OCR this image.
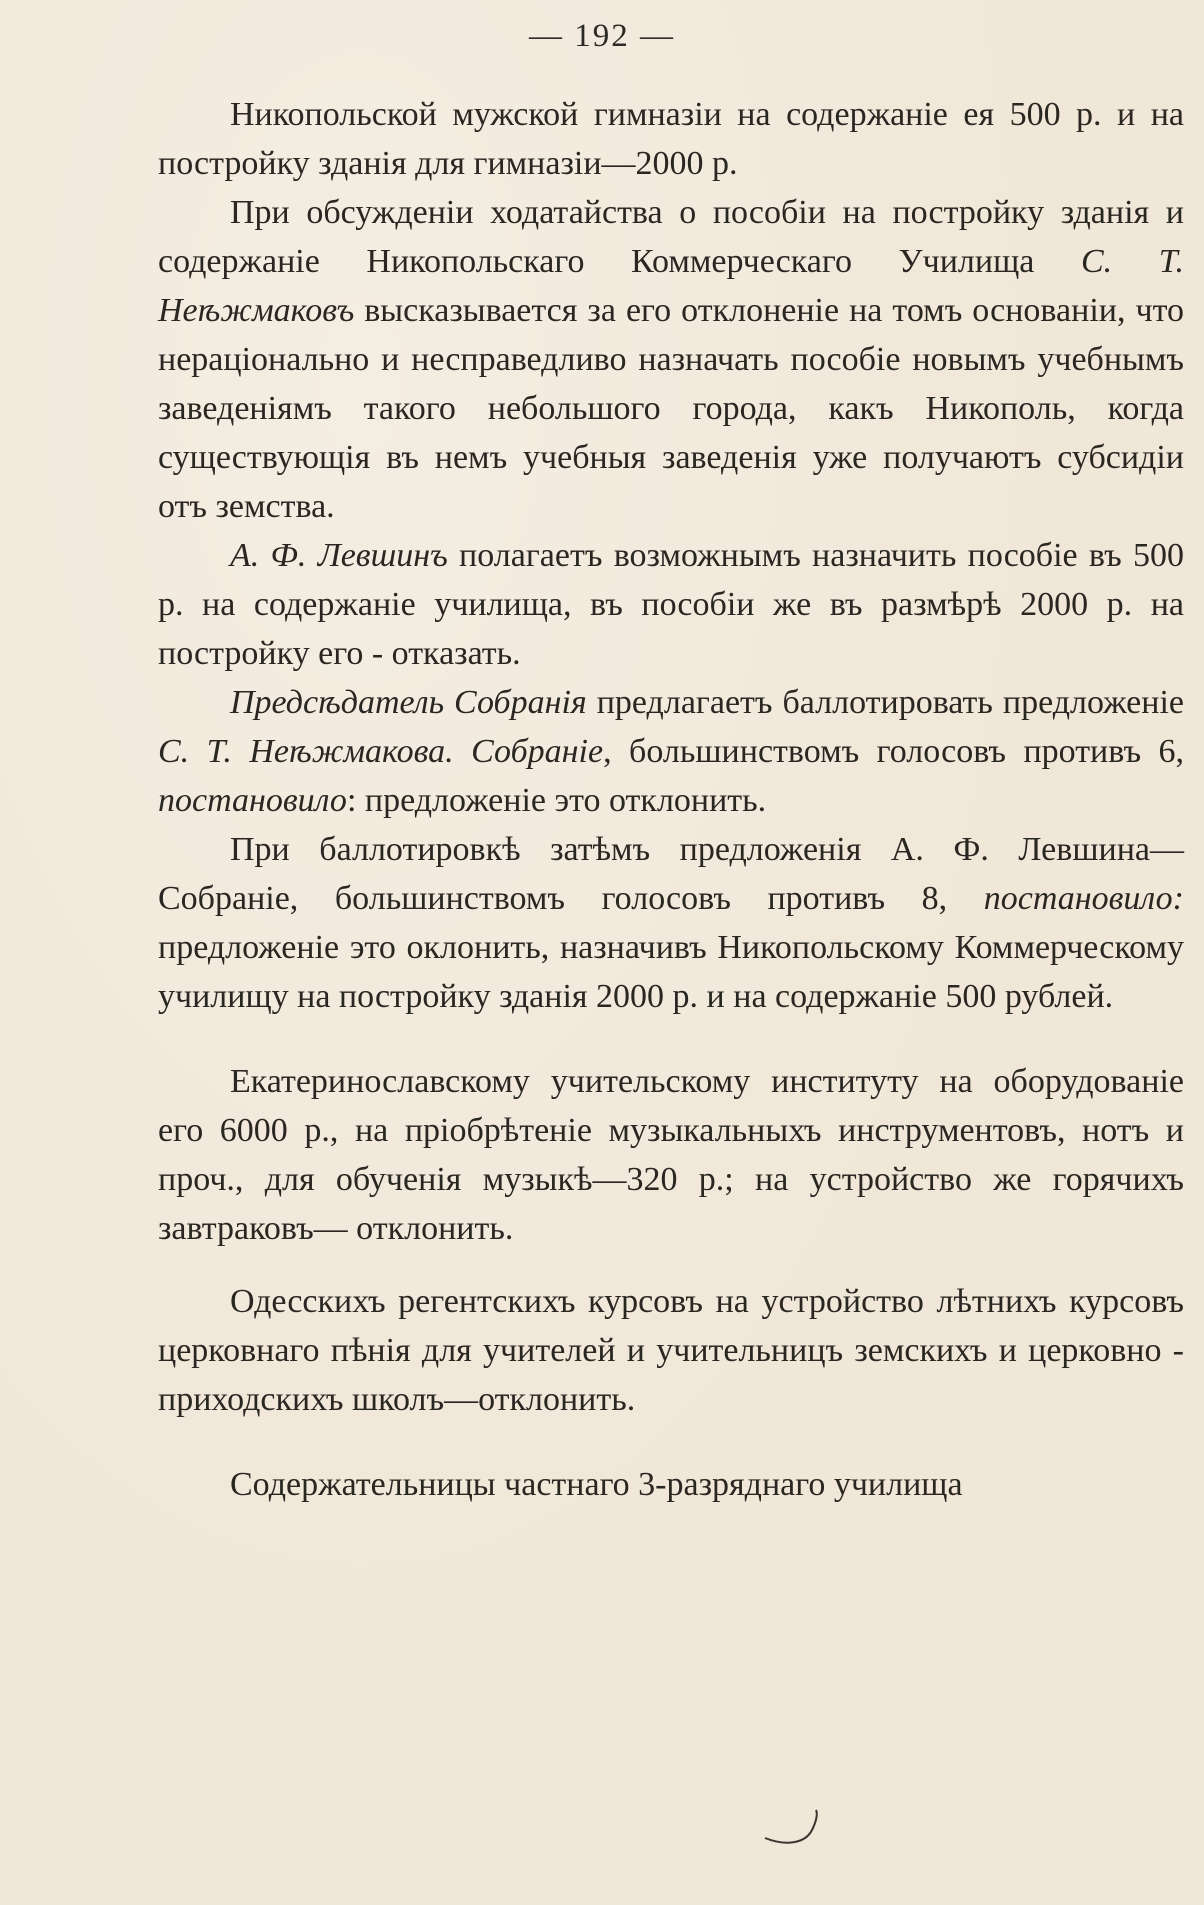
— 192 —

Никопольской мужской гимназiи на содержанie ея 500 р. и на постройку зданiя для гимназiи—2000 р.

При обсужденiи ходатайства о пособiи на постройку зданiя и содержанie Никопольскаго Коммерческаго Училища С. Т. Неѣжмаковъ высказывается за его отклоненie на томъ основанiи, что нерацiонально и несправедливо назначать пособie новымъ учебнымъ заведенiямъ такого небольшого города, какъ Никополь, когда существующiя въ немъ учебныя заведенiя уже получаютъ субсидiи отъ земства.

А. Ф. Левшинъ полагаетъ возможнымъ назначить пособie въ 500 р. на содержанie училища, въ пособiи же въ размѣрѣ 2000 р. на постройку его - отказать.

Предсѣдатель Собранiя предлагаетъ баллотировать предложенie С. Т. Неѣжмакова. Собранie, большинствомъ голосовъ противъ 6, постановило: предложенie это отклонить.

При баллотировкѣ затѣмъ предложенiя А. Ф. Левшина—Собранie, большинствомъ голосовъ противъ 8, постановило: предложенie это оклонить, назначивъ Никопольскому Коммерческому училищу на постройку зданiя 2000 р. и на содержанie 500 рублей.

Екатеринославскому учительскому институту на оборудованie его 6000 р., на прiобрѣтенie музыкальныхъ инструментовъ, нотъ и проч., для обученiя музыкѣ—320 р.; на устройство же горячихъ завтраковъ— отклонить.

Одесскихъ регентскихъ курсовъ на устройство лѣтнихъ курсовъ церковнаго пѣнiя для учителей и учительницъ земскихъ и церковно - приходскихъ школъ—отклонить.

Содержательницы частнаго 3-разряднаго училища
